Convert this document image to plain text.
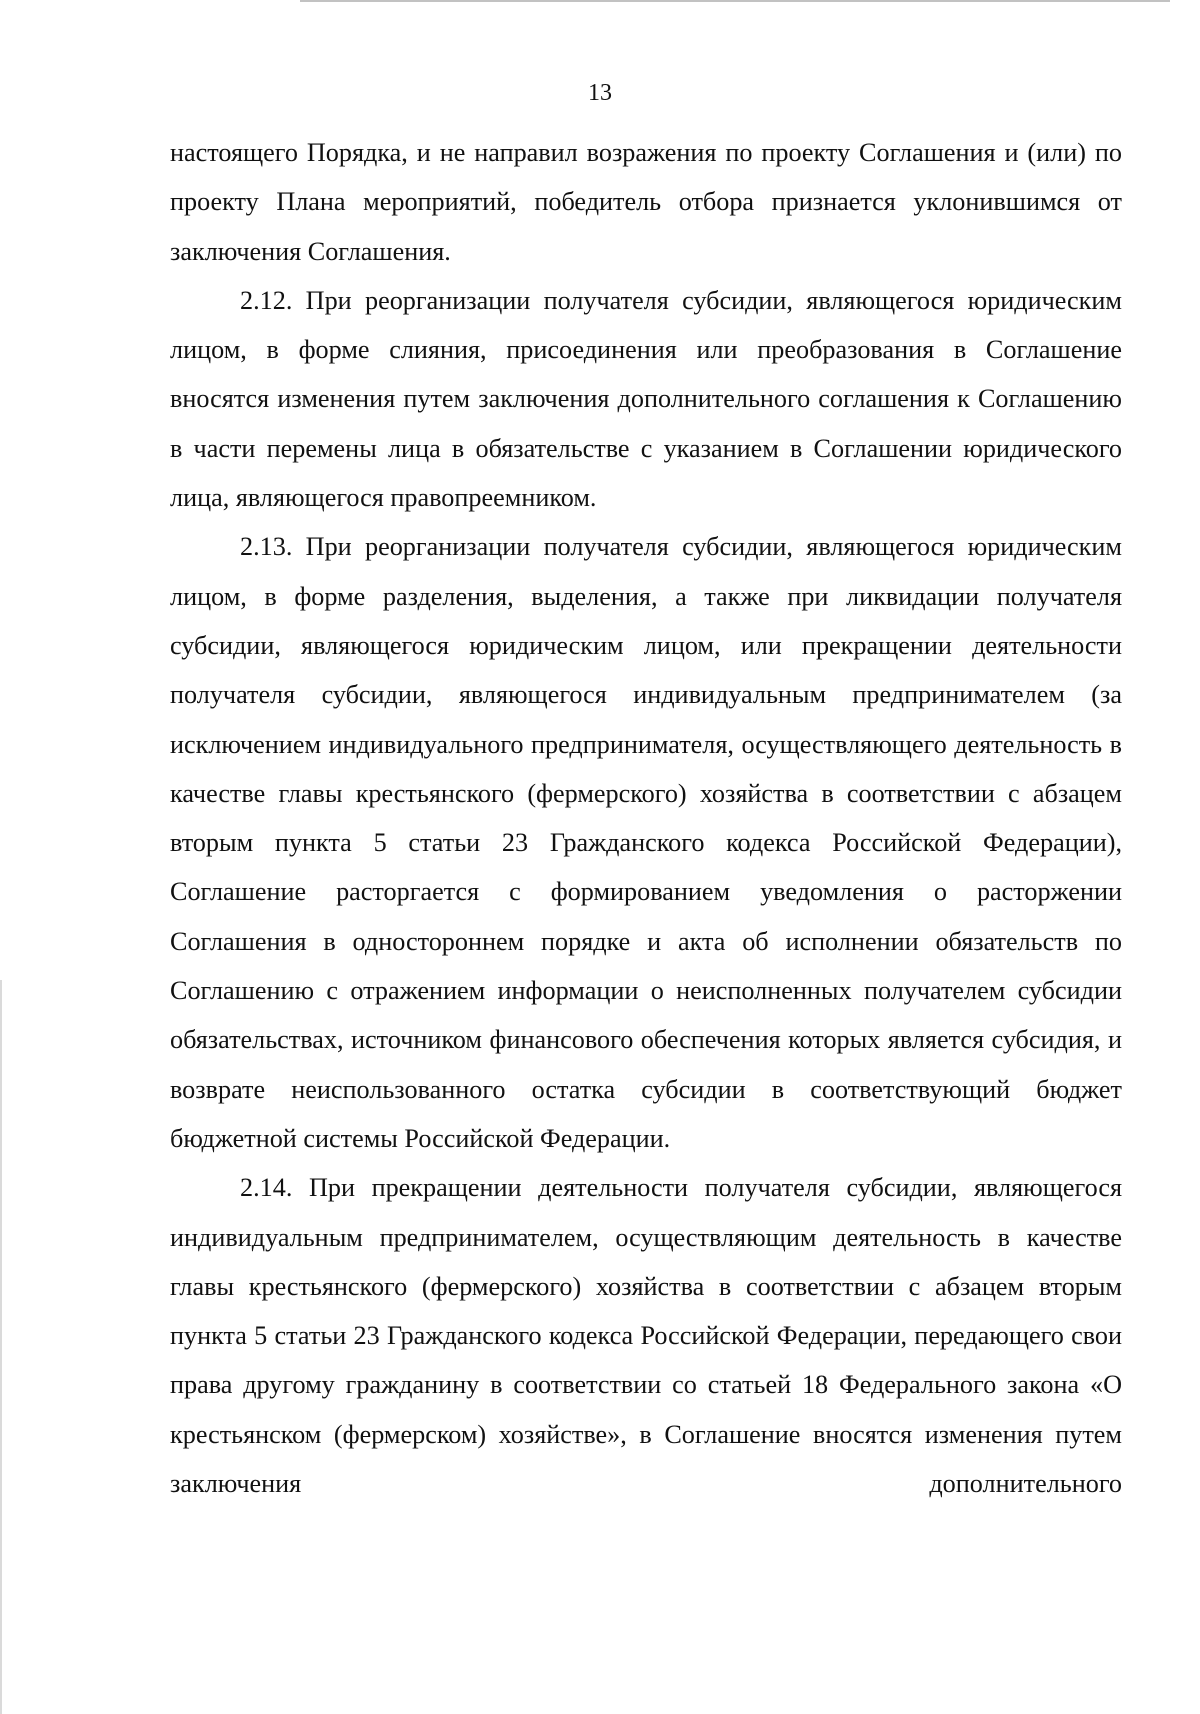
13

настоящего Порядка, и не направил возражения по проекту Соглашения и (или) по проекту Плана мероприятий, победитель отбора признается уклонившимся от заключения Соглашения.

2.12. При реорганизации получателя субсидии, являющегося юридическим лицом, в форме слияния, присоединения или преобразования в Соглашение вносятся изменения путем заключения дополнительного соглашения к Соглашению в части перемены лица в обязательстве с указанием в Соглашении юридического лица, являющегося правопреемником.

2.13. При реорганизации получателя субсидии, являющегося юридическим лицом, в форме разделения, выделения, а также при ликвидации получателя субсидии, являющегося юридическим лицом, или прекращении деятельности получателя субсидии, являющегося индивидуальным предпринимателем (за исключением индивидуального предпринимателя, осуществляющего деятельность в качестве главы крестьянского (фермерского) хозяйства в соответствии с абзацем вторым пункта 5 статьи 23 Гражданского кодекса Российской Федерации), Соглашение расторгается с формированием уведомления о расторжении Соглашения в одностороннем порядке и акта об исполнении обязательств по Соглашению с отражением информации о неисполненных получателем субсидии обязательствах, источником финансового обеспечения которых является субсидия, и возврате неиспользованного остатка субсидии в соответствующий бюджет бюджетной системы Российской Федерации.

2.14. При прекращении деятельности получателя субсидии, являющегося индивидуальным предпринимателем, осуществляющим деятельность в качестве главы крестьянского (фермерского) хозяйства в соответствии с абзацем вторым пункта 5 статьи 23 Гражданского кодекса Российской Федерации, передающего свои права другому гражданину в соответствии со статьей 18 Федерального закона «О крестьянском (фермерском) хозяйстве», в Соглашение вносятся изменения путем заключения дополнительного
